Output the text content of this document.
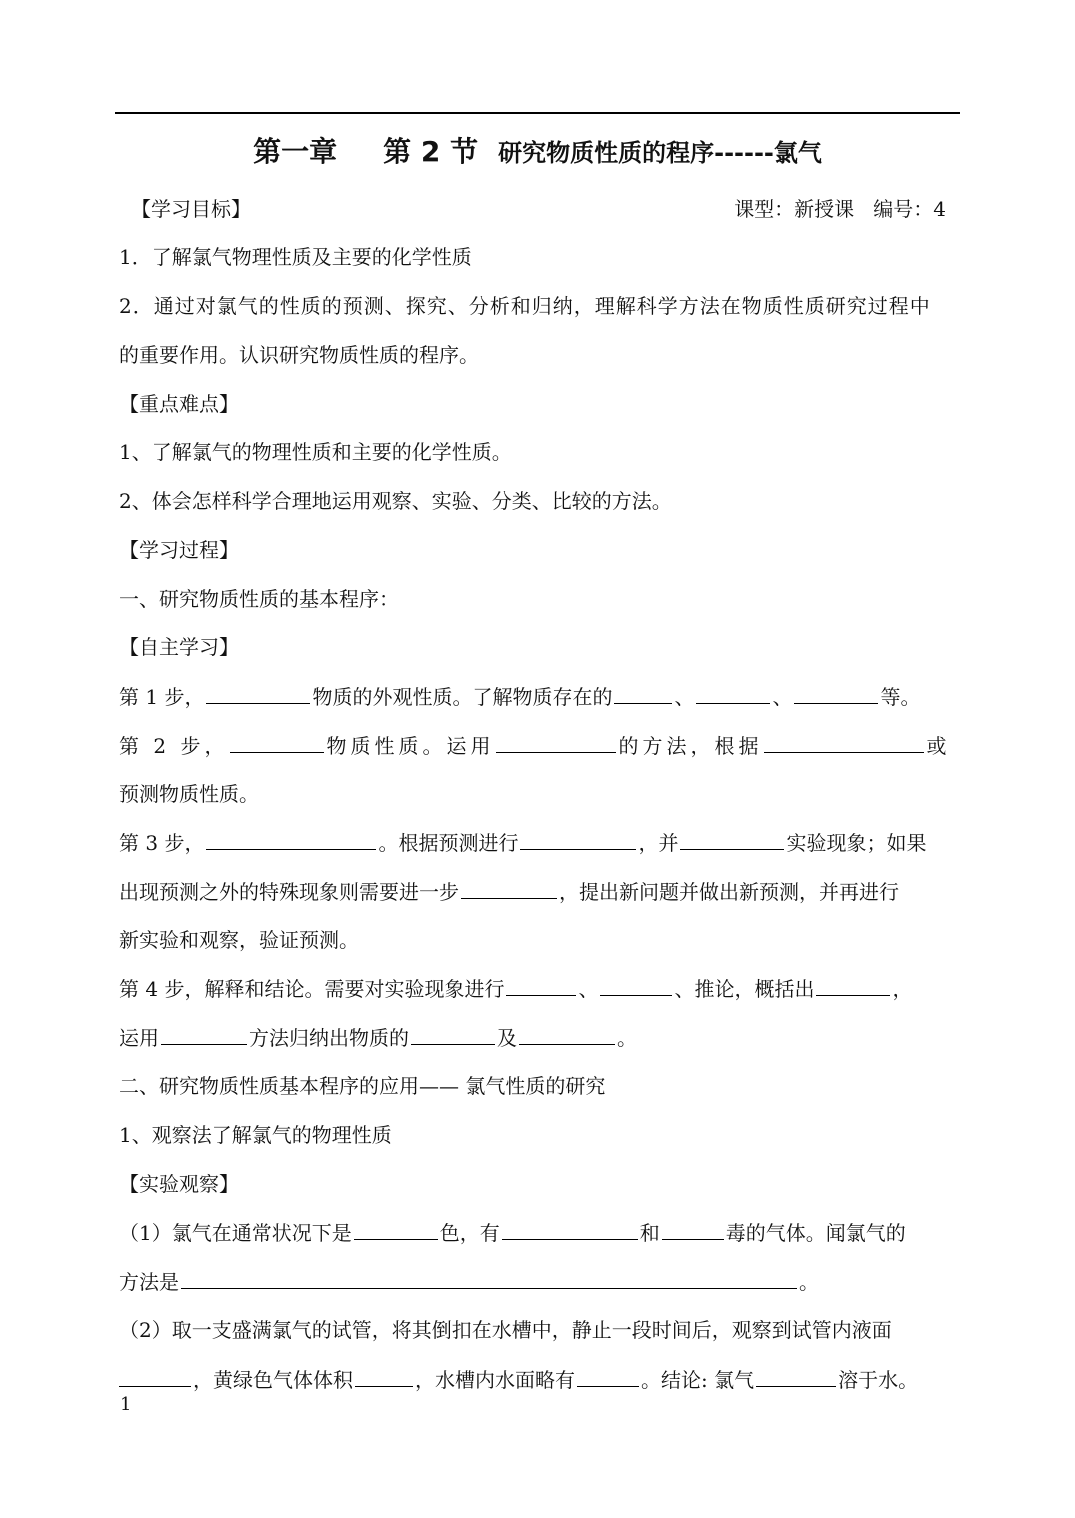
第一章 第 2 节 研究物质性质的程序------氯气
【学习目标】	课型：新授课 编号：4
1．了解氯气物理性质及主要的化学性质
2．通过对氯气的性质的预测、探究、分析和归纳，理解科学方法在物质性质研究过程中
的重要作用。认识研究物质性质的程序。
【重点难点】
1、了解氯气的物理性质和主要的化学性质。
2、体会怎样科学合理地运用观察、实验、分类、比较的方法。
【学习过程】
一、研究物质性质的基本程序：
【自主学习】
第 1 步，	物质的外观性质。了解物质存在的	、	、	等。
第 2 步，	物质性质。运用	的方法，根据	或
预测物质性质。
第 3 步，	。根据预测进行	，并	实验现象；如果
出现预测之外的特殊现象则需要进一步	，提出新问题并做出新预测，并再进行
新实验和观察，验证预测。
第 4 步，解释和结论。需要对实验现象进行	、	、推论，概括出	，
运用	方法归纳出物质的	及	。
二、研究物质性质基本程序的应用—— 氯气性质的研究
1、观察法了解氯气的物理性质
【实验观察】
（1）氯气在通常状况下是	色，有	和	毒的气体。闻氯气的
方法是	。
（2）取一支盛满氯气的试管，将其倒扣在水槽中，静止一段时间后，观察到试管内液面
，黄绿色气体体积	，水槽内水面略有	。结论: 氯气	溶于水。
1
